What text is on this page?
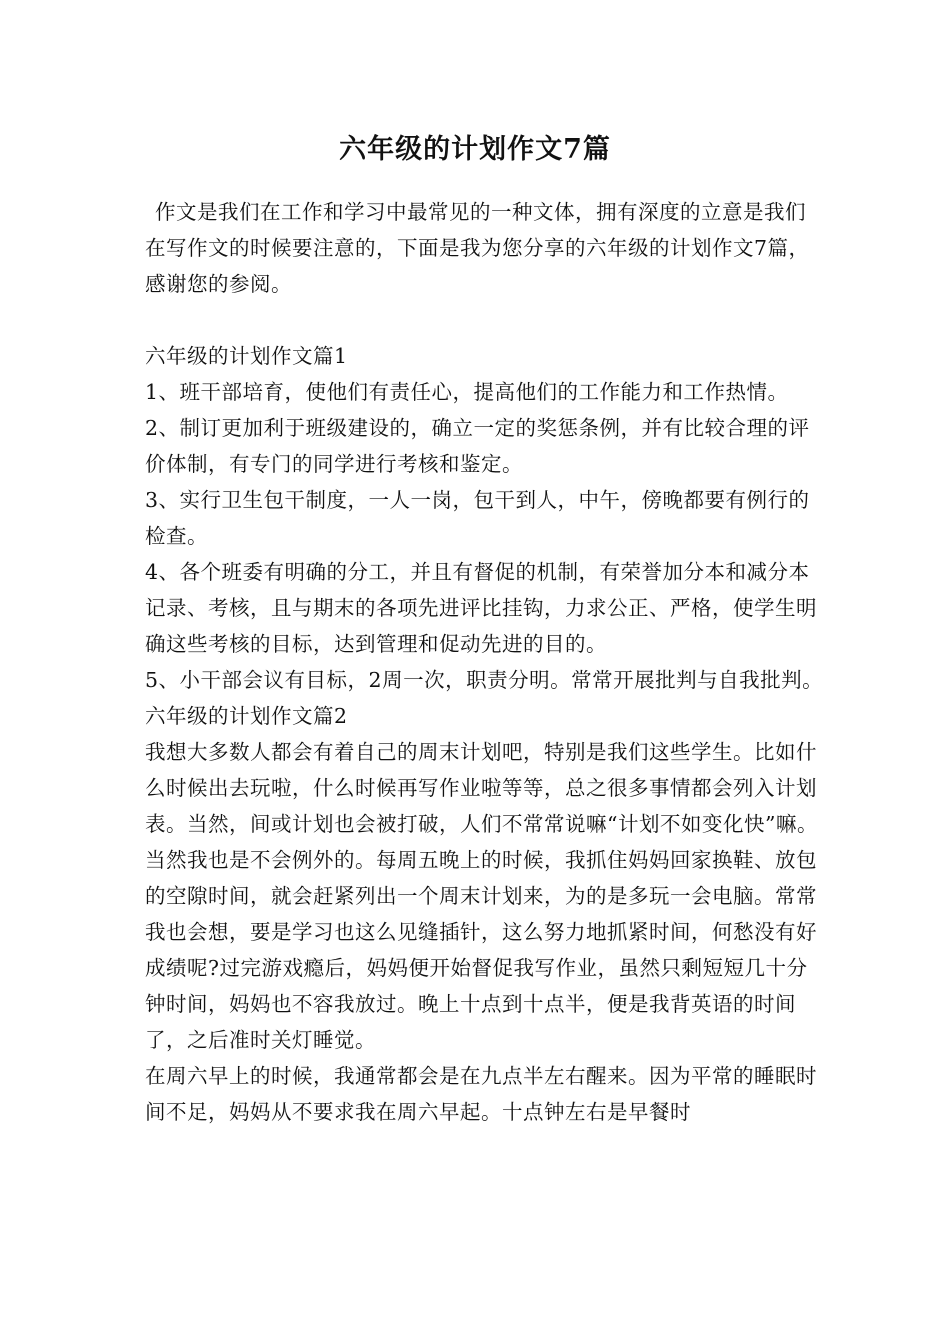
六年级的计划作文7篇

作文是我们在工作和学习中最常见的一种文体，拥有深度的立意是我们在写作文的时候要注意的，下面是我为您分享的六年级的计划作文7篇，感谢您的参阅。

六年级的计划作文篇1

1、班干部培育，使他们有责任心，提高他们的工作能力和工作热情。

2、制订更加利于班级建设的，确立一定的奖惩条例，并有比较合理的评价体制，有专门的同学进行考核和鉴定。

3、实行卫生包干制度，一人一岗，包干到人，中午，傍晚都要有例行的检查。

4、各个班委有明确的分工，并且有督促的机制，有荣誉加分本和减分本记录、考核，且与期末的各项先进评比挂钩，力求公正、严格，使学生明确这些考核的目标，达到管理和促动先进的目的。

5、小干部会议有目标，2周一次，职责分明。常常开展批判与自我批判。

六年级的计划作文篇2

我想大多数人都会有着自己的周末计划吧，特别是我们这些学生。比如什么时候出去玩啦，什么时候再写作业啦等等，总之很多事情都会列入计划表。当然，间或计划也会被打破，人们不常常说嘛“计划不如变化快”嘛。

当然我也是不会例外的。每周五晚上的时候，我抓住妈妈回家换鞋、放包的空隙时间，就会赶紧列出一个周末计划来，为的是多玩一会电脑。常常我也会想，要是学习也这么见缝插针，这么努力地抓紧时间，何愁没有好成绩呢?过完游戏瘾后，妈妈便开始督促我写作业，虽然只剩短短几十分钟时间，妈妈也不容我放过。晚上十点到十点半，便是我背英语的时间了，之后准时关灯睡觉。

在周六早上的时候，我通常都会是在九点半左右醒来。因为平常的睡眠时间不足，妈妈从不要求我在周六早起。十点钟左右是早餐时
